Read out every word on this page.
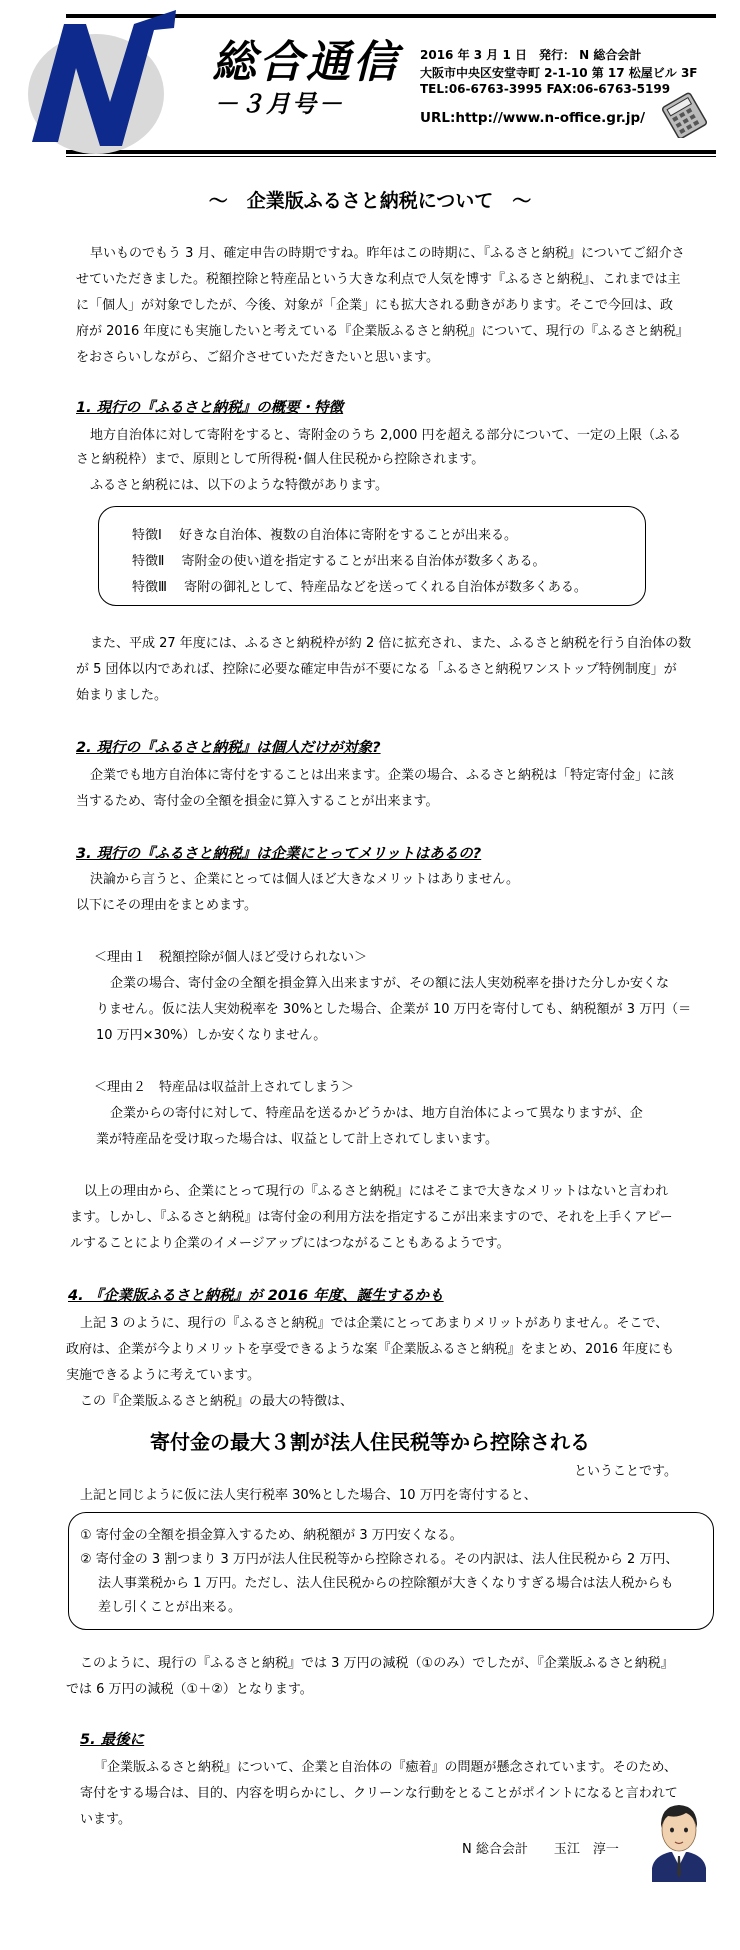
総合通信
－３月号－
2016 年 3 月 1 日　発行： N 総合会計
大阪市中央区安堂寺町 2-1-10 第 17 松屋ビル 3F
TEL:06-6763-3995 FAX:06-6763-5199
URL:http://www.n-office.gr.jp/
～　企業版ふるさと納税について　～
早いものでもう 3 月、確定申告の時期ですね。昨年はこの時期に、『ふるさと納税』についてご紹介さ
せていただきました。税額控除と特産品という大きな利点で人気を博す『ふるさと納税』、これまでは主
に「個人」が対象でしたが、今後、対象が「企業」にも拡大される動きがあります。そこで今回は、政
府が 2016 年度にも実施したいと考えている『企業版ふるさと納税』について、現行の『ふるさと納税』
をおさらいしながら、ご紹介させていただきたいと思います。
1. 現行の『ふるさと納税』の概要・特徴
地方自治体に対して寄附をすると、寄附金のうち 2,000 円を超える部分について、一定の上限（ふる
さと納税枠）まで、原則として所得税･個人住民税から控除されます。
ふるさと納税には、以下のような特徴があります。
特徴Ⅰ　 好きな自治体、複数の自治体に寄附をすることが出来る。
特徴Ⅱ　 寄附金の使い道を指定することが出来る自治体が数多くある。
特徴Ⅲ　 寄附の御礼として、特産品などを送ってくれる自治体が数多くある。
また、平成 27 年度には、ふるさと納税枠が約 2 倍に拡充され、また、ふるさと納税を行う自治体の数
が 5 団体以内であれば、控除に必要な確定申告が不要になる「ふるさと納税ワンストップ特例制度」が
始まりました。
2. 現行の『ふるさと納税』は個人だけが対象?
企業でも地方自治体に寄付をすることは出来ます。企業の場合、ふるさと納税は「特定寄付金」に該
当するため、寄付金の全額を損金に算入することが出来ます。
3. 現行の『ふるさと納税』は企業にとってメリットはあるの?
決論から言うと、企業にとっては個人ほど大きなメリットはありません。
以下にその理由をまとめます。
＜理由１　税額控除が個人ほど受けられない＞
企業の場合、寄付金の全額を損金算入出来ますが、その額に法人実効税率を掛けた分しか安くな
りません。仮に法人実効税率を 30%とした場合、企業が 10 万円を寄付しても、納税額が 3 万円（＝
10 万円×30%）しか安くなりません。
＜理由２　特産品は収益計上されてしまう＞
企業からの寄付に対して、特産品を送るかどうかは、地方自治体によって異なりますが、企
業が特産品を受け取った場合は、収益として計上されてしまいます。
以上の理由から、企業にとって現行の『ふるさと納税』にはそこまで大きなメリットはないと言われ
ます。しかし、『ふるさと納税』は寄付金の利用方法を指定するこが出来ますので、それを上手くアピー
ルすることにより企業のイメージアップにはつながることもあるようです。
4. 『企業版ふるさと納税』が 2016 年度、誕生するかも
上記 3 のように、現行の『ふるさと納税』では企業にとってあまりメリットがありません。そこで、
政府は、企業が今よりメリットを享受できるような案『企業版ふるさと納税』をまとめ、2016 年度にも
実施できるように考えています。
この『企業版ふるさと納税』の最大の特徴は、
寄付金の最大３割が法人住民税等から控除される
ということです。
上記と同じように仮に法人実行税率 30%とした場合、10 万円を寄付すると、
① 寄付金の全額を損金算入するため、納税額が 3 万円安くなる。
② 寄付金の 3 割つまり 3 万円が法人住民税等から控除される。その内訳は、法人住民税から 2 万円、
法人事業税から 1 万円。ただし、法人住民税からの控除額が大きくなりすぎる場合は法人税からも
差し引くことが出来る。
このように、現行の『ふるさと納税』では 3 万円の減税（①のみ）でしたが、『企業版ふるさと納税』
では 6 万円の減税（①＋②）となります。
5. 最後に
『企業版ふるさと納税』について、企業と自治体の『癒着』の問題が懸念されています。そのため、
寄付をする場合は、目的、内容を明らかにし、クリーンな行動をとることがポイントになると言われて
います。
N 総合会計　　玉江　淳一
